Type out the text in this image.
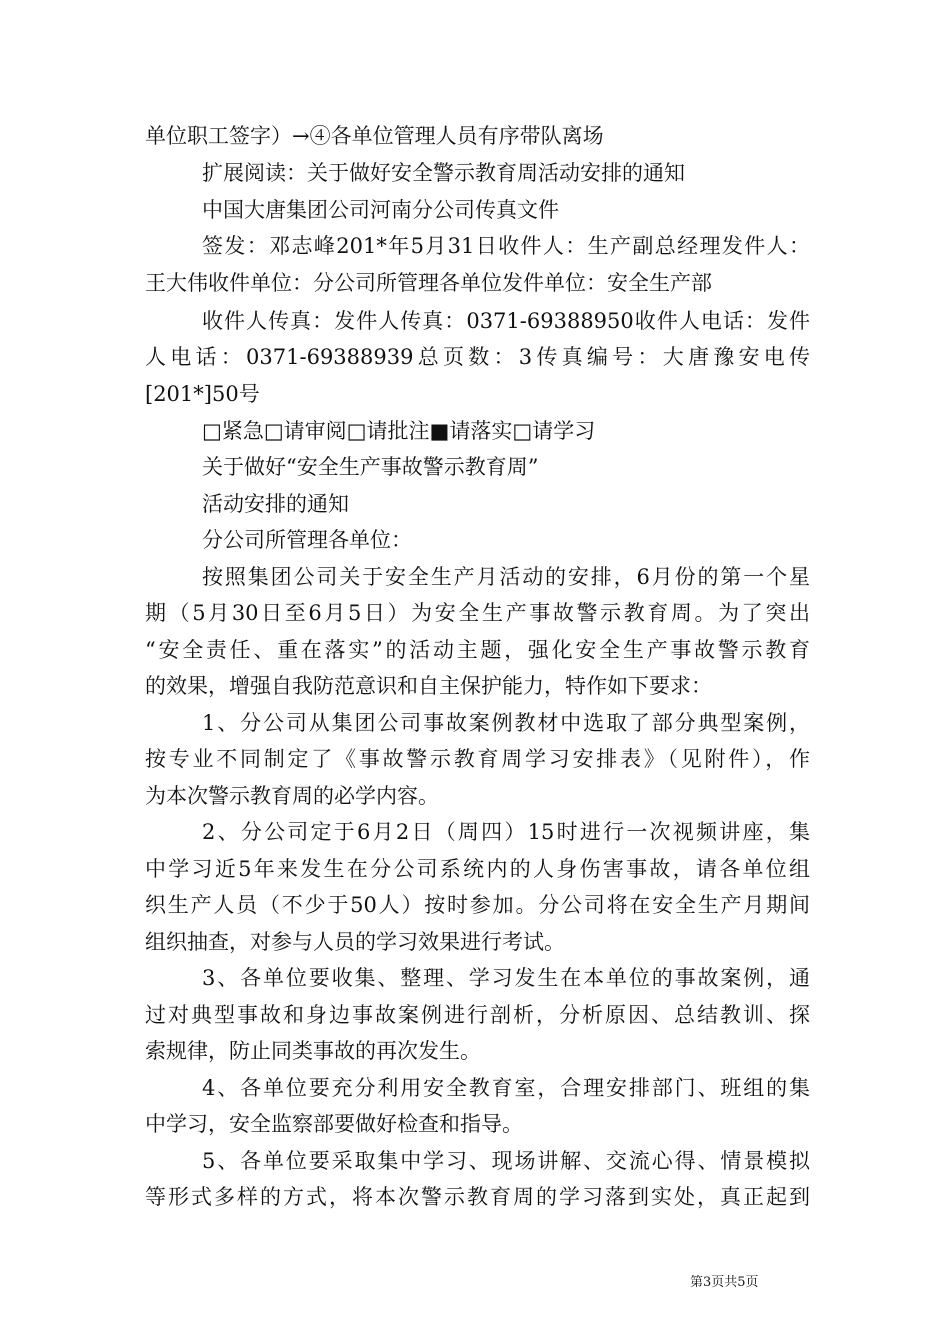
单位职工签字）→④各单位管理人员有序带队离场
扩展阅读：关于做好安全警示教育周活动安排的通知
中国大唐集团公司河南分公司传真文件
签发：邓志峰201*年5月31日收件人：生产副总经理发件人：
王大伟收件单位：分公司所管理各单位发件单位：安全生产部
收件人传真：发件人传真：0371-69388950收件人电话：发件
人电话：0371-69388939总页数：3传真编号：大唐豫安电传
[201*]50号
□紧急□请审阅□请批注■请落实□请学习
关于做好“安全生产事故警示教育周”
活动安排的通知
分公司所管理各单位：
按照集团公司关于安全生产月活动的安排，6月份的第一个星
期（5月30日至6月5日）为安全生产事故警示教育周。为了突出
“安全责任、重在落实”的活动主题，强化安全生产事故警示教育
的效果，增强自我防范意识和自主保护能力，特作如下要求：
1、分公司从集团公司事故案例教材中选取了部分典型案例，
按专业不同制定了《事故警示教育周学习安排表》（见附件），作
为本次警示教育周的必学内容。
2、分公司定于6月2日（周四）15时进行一次视频讲座，集
中学习近5年来发生在分公司系统内的人身伤害事故，请各单位组
织生产人员（不少于50人）按时参加。分公司将在安全生产月期间
组织抽查，对参与人员的学习效果进行考试。
3、各单位要收集、整理、学习发生在本单位的事故案例，通
过对典型事故和身边事故案例进行剖析，分析原因、总结教训、探
索规律，防止同类事故的再次发生。
4、各单位要充分利用安全教育室，合理安排部门、班组的集
中学习，安全监察部要做好检查和指导。
5、各单位要采取集中学习、现场讲解、交流心得、情景模拟
等形式多样的方式，将本次警示教育周的学习落到实处，真正起到
第3页共5页
